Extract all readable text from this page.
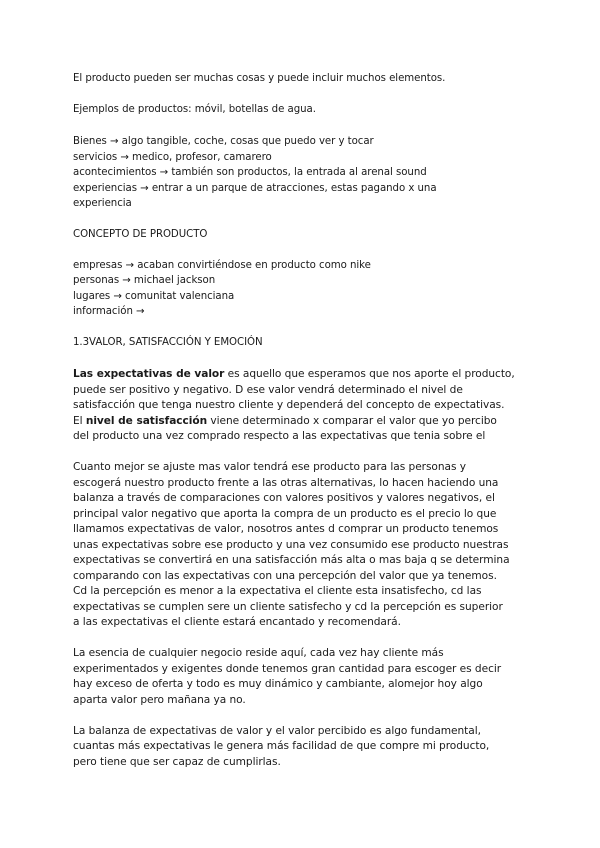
El producto pueden ser muchas cosas y puede incluir muchos elementos.
Ejemplos de productos: móvil, botellas de agua.
Bienes → algo tangible, coche, cosas que puedo ver y tocar
servicios → medico, profesor, camarero
acontecimientos → también son productos, la entrada al arenal sound
experiencias → entrar a un parque de atracciones, estas pagando x una
experiencia
CONCEPTO DE PRODUCTO
empresas → acaban convirtiéndose en producto como nike
personas → michael jackson
lugares → comunitat valenciana
información →
1.3VALOR, SATISFACCIÓN Y EMOCIÓN
Las expectativas de valor es aquello que esperamos que nos aporte el producto,
puede ser positivo y negativo. D ese valor vendrá determinado el nivel de
satisfacción que tenga nuestro cliente y dependerá del concepto de expectativas.
El nivel de satisfacción viene determinado x comparar el valor que yo percibo
del producto una vez comprado respecto a las expectativas que tenia sobre el
Cuanto mejor se ajuste mas valor tendrá ese producto para las personas y
escogerá nuestro producto frente a las otras alternativas, lo hacen haciendo una
balanza a través de comparaciones con valores positivos y valores negativos, el
principal valor negativo que aporta la compra de un producto es el precio lo que
llamamos expectativas de valor, nosotros antes d comprar un producto tenemos
unas expectativas sobre ese producto y una vez consumido ese producto nuestras
expectativas se convertirá en una satisfacción más alta o mas baja q se determina
comparando con las expectativas con una percepción del valor que ya tenemos.
Cd la percepción es menor a la expectativa el cliente esta insatisfecho, cd las
expectativas se cumplen sere un cliente satisfecho y cd la percepción es superior
a las expectativas el cliente estará encantado y recomendará.
La esencia de cualquier negocio reside aquí, cada vez hay cliente más
experimentados y exigentes donde tenemos gran cantidad para escoger es decir
hay exceso de oferta y todo es muy dinámico y cambiante, alomejor hoy algo
aparta valor pero mañana ya no.
La balanza de expectativas de valor y el valor percibido es algo fundamental,
cuantas más expectativas le genera más facilidad de que compre mi producto,
pero tiene que ser capaz de cumplirlas.
